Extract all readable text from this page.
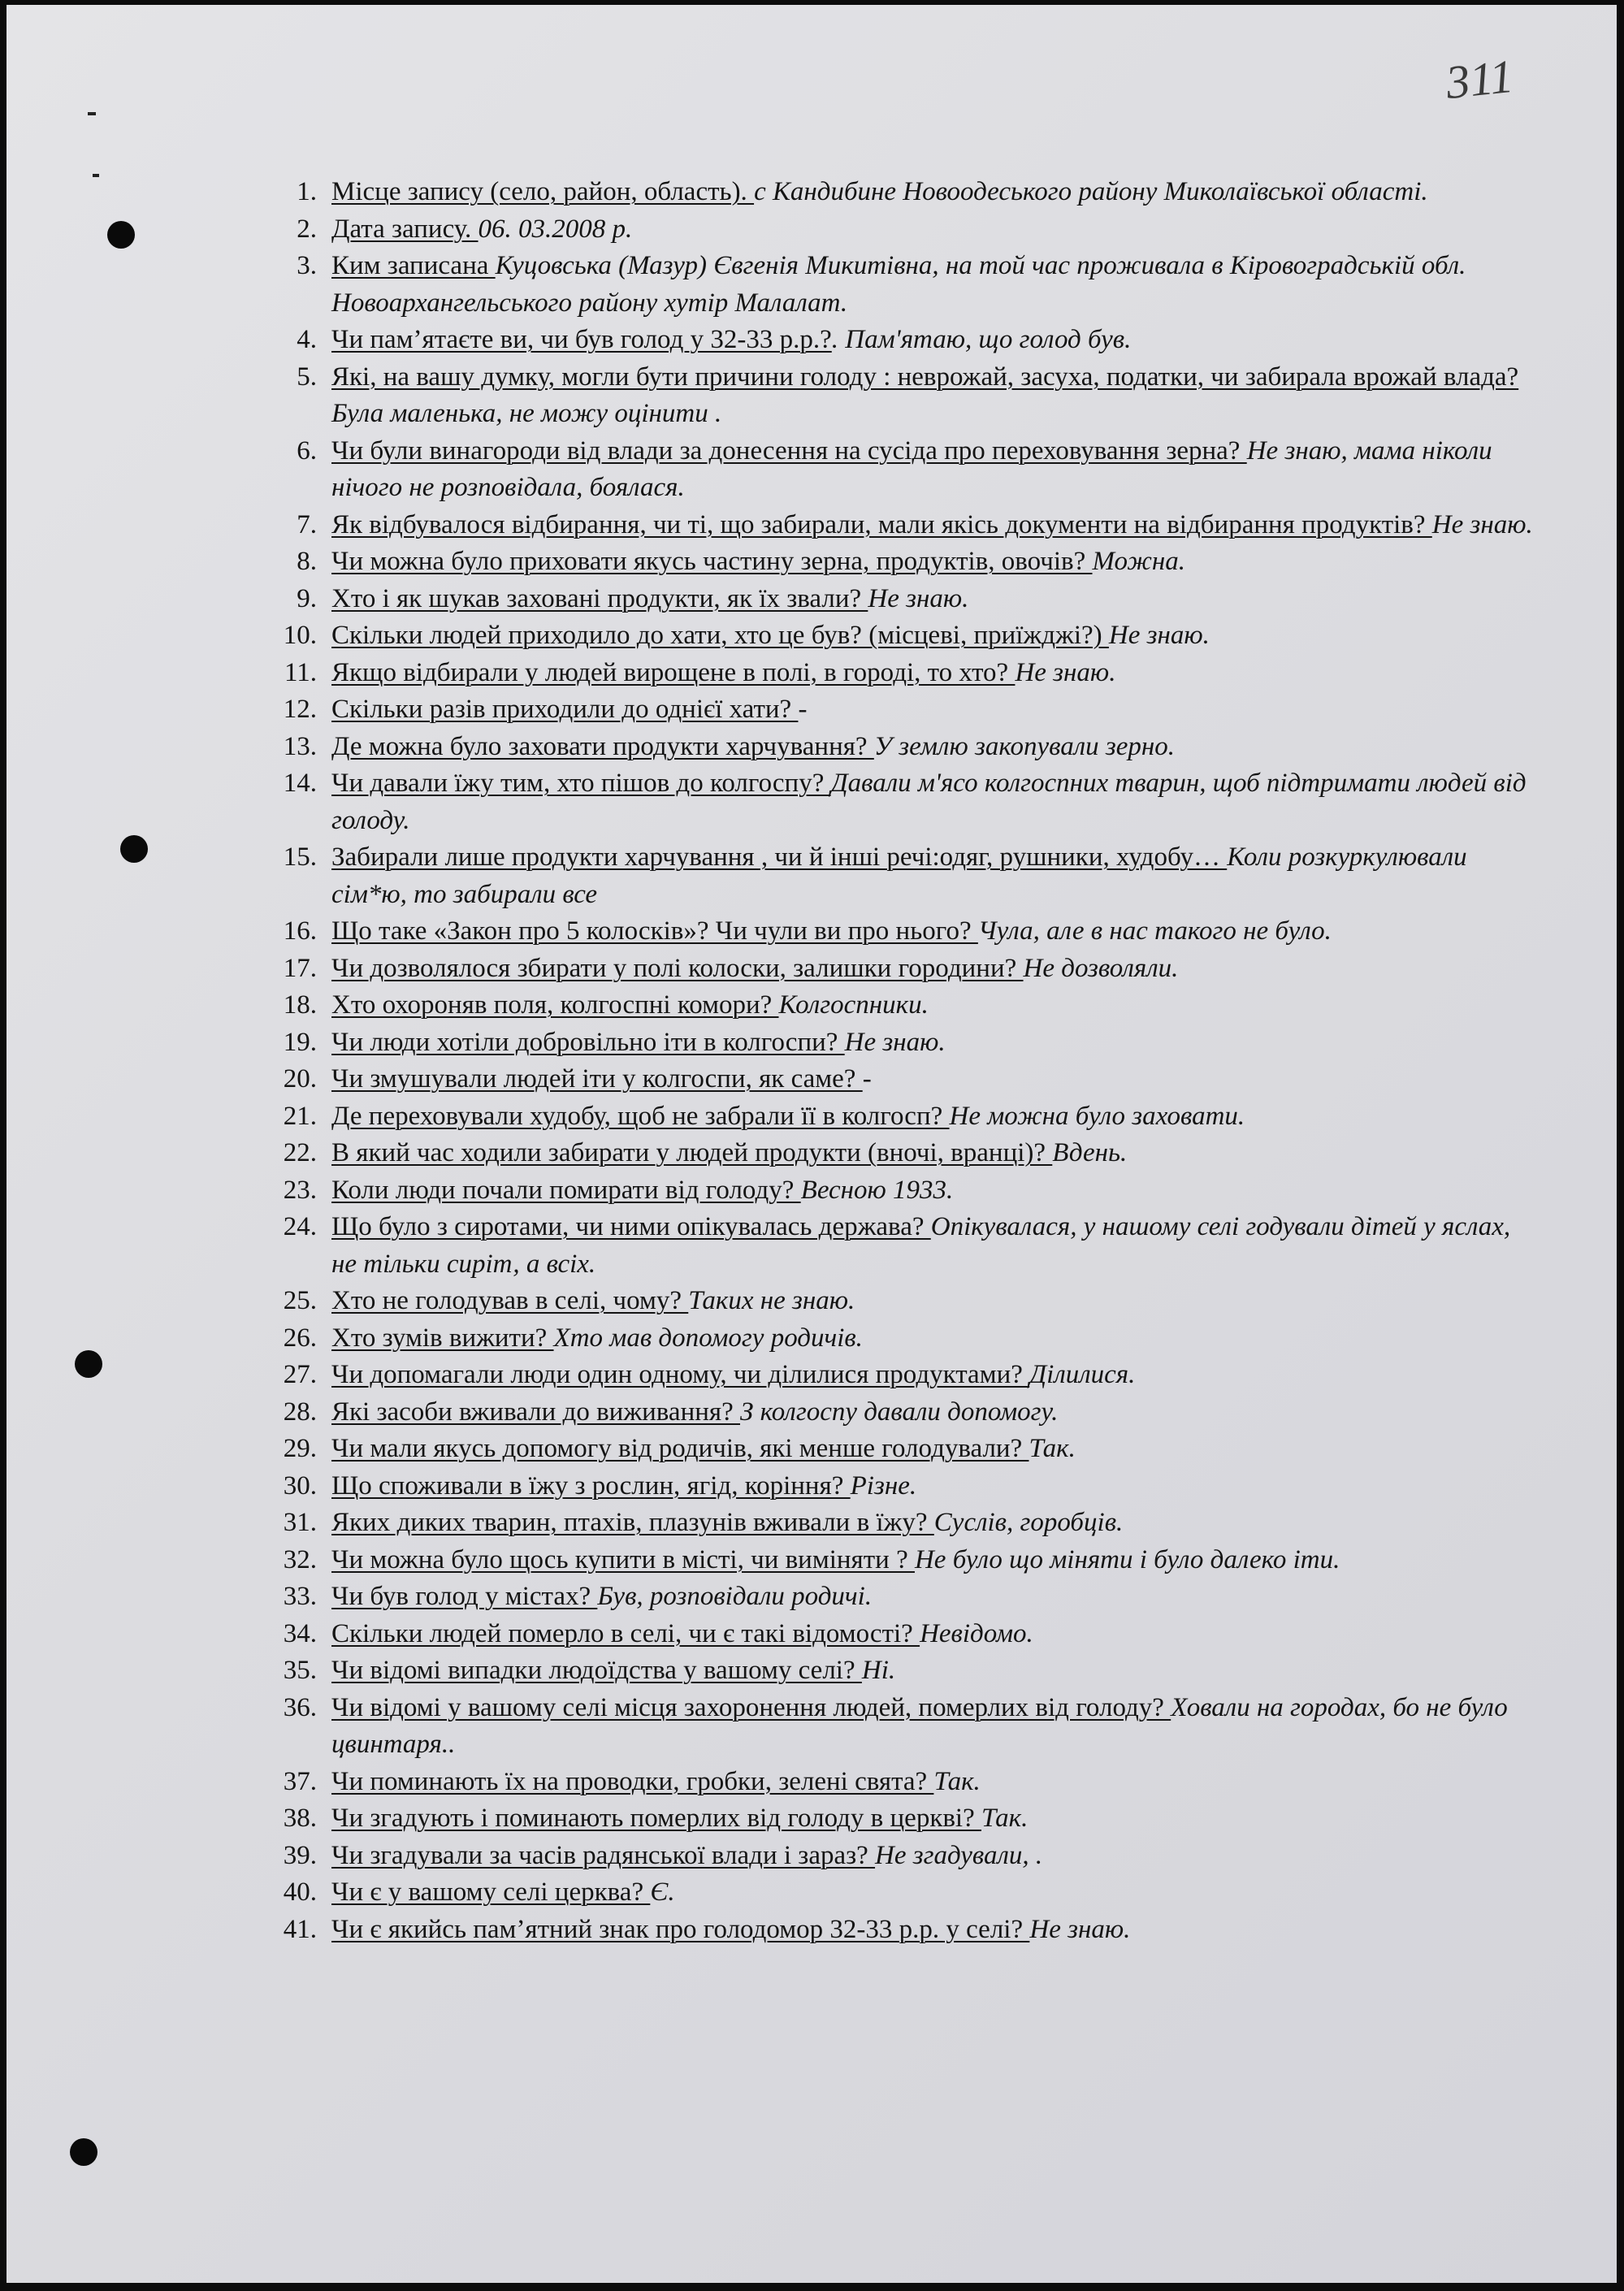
311
1. Місце запису (село, район, область). с Кандибине Новоодеського району Миколаївської області.
2. Дата запису. 06. 03.2008 р.
3. Ким записана Куцовська (Мазур) Євгенія Микитівна, на той час проживала в Кіровоградській обл. Новоархангельського району хутір Малалат.
4. Чи пам’ятаєте ви, чи був голод у 32-33 р.р.?. Пам'ятаю, що голод був.
5. Які, на вашу думку, могли бути причини голоду : неврожай, засуха, податки, чи забирала врожай влада? Була маленька, не можу оцінити .
6. Чи були винагороди від влади за донесення на сусіда про переховування зерна? Не знаю, мама ніколи нічого не розповідала, боялася.
7. Як відбувалося відбирання, чи ті, що забирали, мали якісь документи на відбирання продуктів? Не знаю.
8. Чи можна було приховати якусь частину зерна, продуктів, овочів? Можна.
9. Хто і як шукав заховані продукти, як їх звали? Не знаю.
10. Скільки людей приходило до хати, хто це був? (місцеві, приїжджі?) Не знаю.
11. Якщо відбирали у людей вирощене в полі, в городі, то хто? Не знаю.
12. Скільки разів приходили до однієї хати? -
13. Де можна було заховати продукти харчування? У землю закопували зерно.
14. Чи давали їжу тим, хто пішов до колгоспу? Давали м'ясо колгоспних тварин, щоб підтримати людей від голоду.
15. Забирали лише продукти харчування , чи й інші речі:одяг, рушники, худобу… Коли розкуркулювали сім*ю, то забирали все
16. Що таке «Закон про 5 колосків»? Чи чули ви про нього? Чула, але в нас такого не було.
17. Чи дозволялося збирати у полі колоски, залишки городини? Не дозволяли.
18. Хто охороняв поля, колгоспні комори? Колгоспники.
19. Чи люди хотіли добровільно іти в колгоспи? Не знаю.
20. Чи змушували людей іти у колгоспи, як саме? -
21. Де переховували худобу, щоб не забрали її в колгосп? Не можна було заховати.
22. В який час ходили забирати у людей продукти (вночі, вранці)? Вдень.
23. Коли люди почали помирати від голоду? Весною 1933.
24. Що було з сиротами, чи ними опікувалась держава? Опікувалася, у нашому селі годували дітей у яслах, не тільки сиріт, а всіх.
25. Хто не голодував в селі, чому? Таких не знаю.
26. Хто зумів вижити? Хто мав допомогу родичів.
27. Чи допомагали люди один одному, чи ділилися продуктами? Ділилися.
28. Які засоби вживали до виживання? З колгоспу давали допомогу.
29. Чи мали якусь допомогу від родичів, які менше голодували? Так.
30. Що споживали в їжу з рослин, ягід, коріння? Різне.
31. Яких диких тварин, птахів, плазунів вживали в їжу? Суслів, горобців.
32. Чи можна було щось купити в місті, чи виміняти ? Не було що міняти і було далеко іти.
33. Чи був голод у містах? Був, розповідали родичі.
34. Скільки людей померло в селі, чи є такі відомості? Невідомо.
35. Чи відомі випадки людоїдства у вашому селі? Ні.
36. Чи відомі у вашому селі місця захоронення людей, померлих від голоду? Ховали на городах, бо не було цвинтаря..
37. Чи поминають їх на проводки, гробки, зелені свята? Так.
38. Чи згадують і поминають померлих від голоду в церкві? Так.
39. Чи згадували за часів радянської влади і зараз? Не згадували, .
40. Чи є у вашому селі церква? Є.
41. Чи є якийсь пам’ятний знак про голодомор 32-33 р.р. у селі? Не знаю.
